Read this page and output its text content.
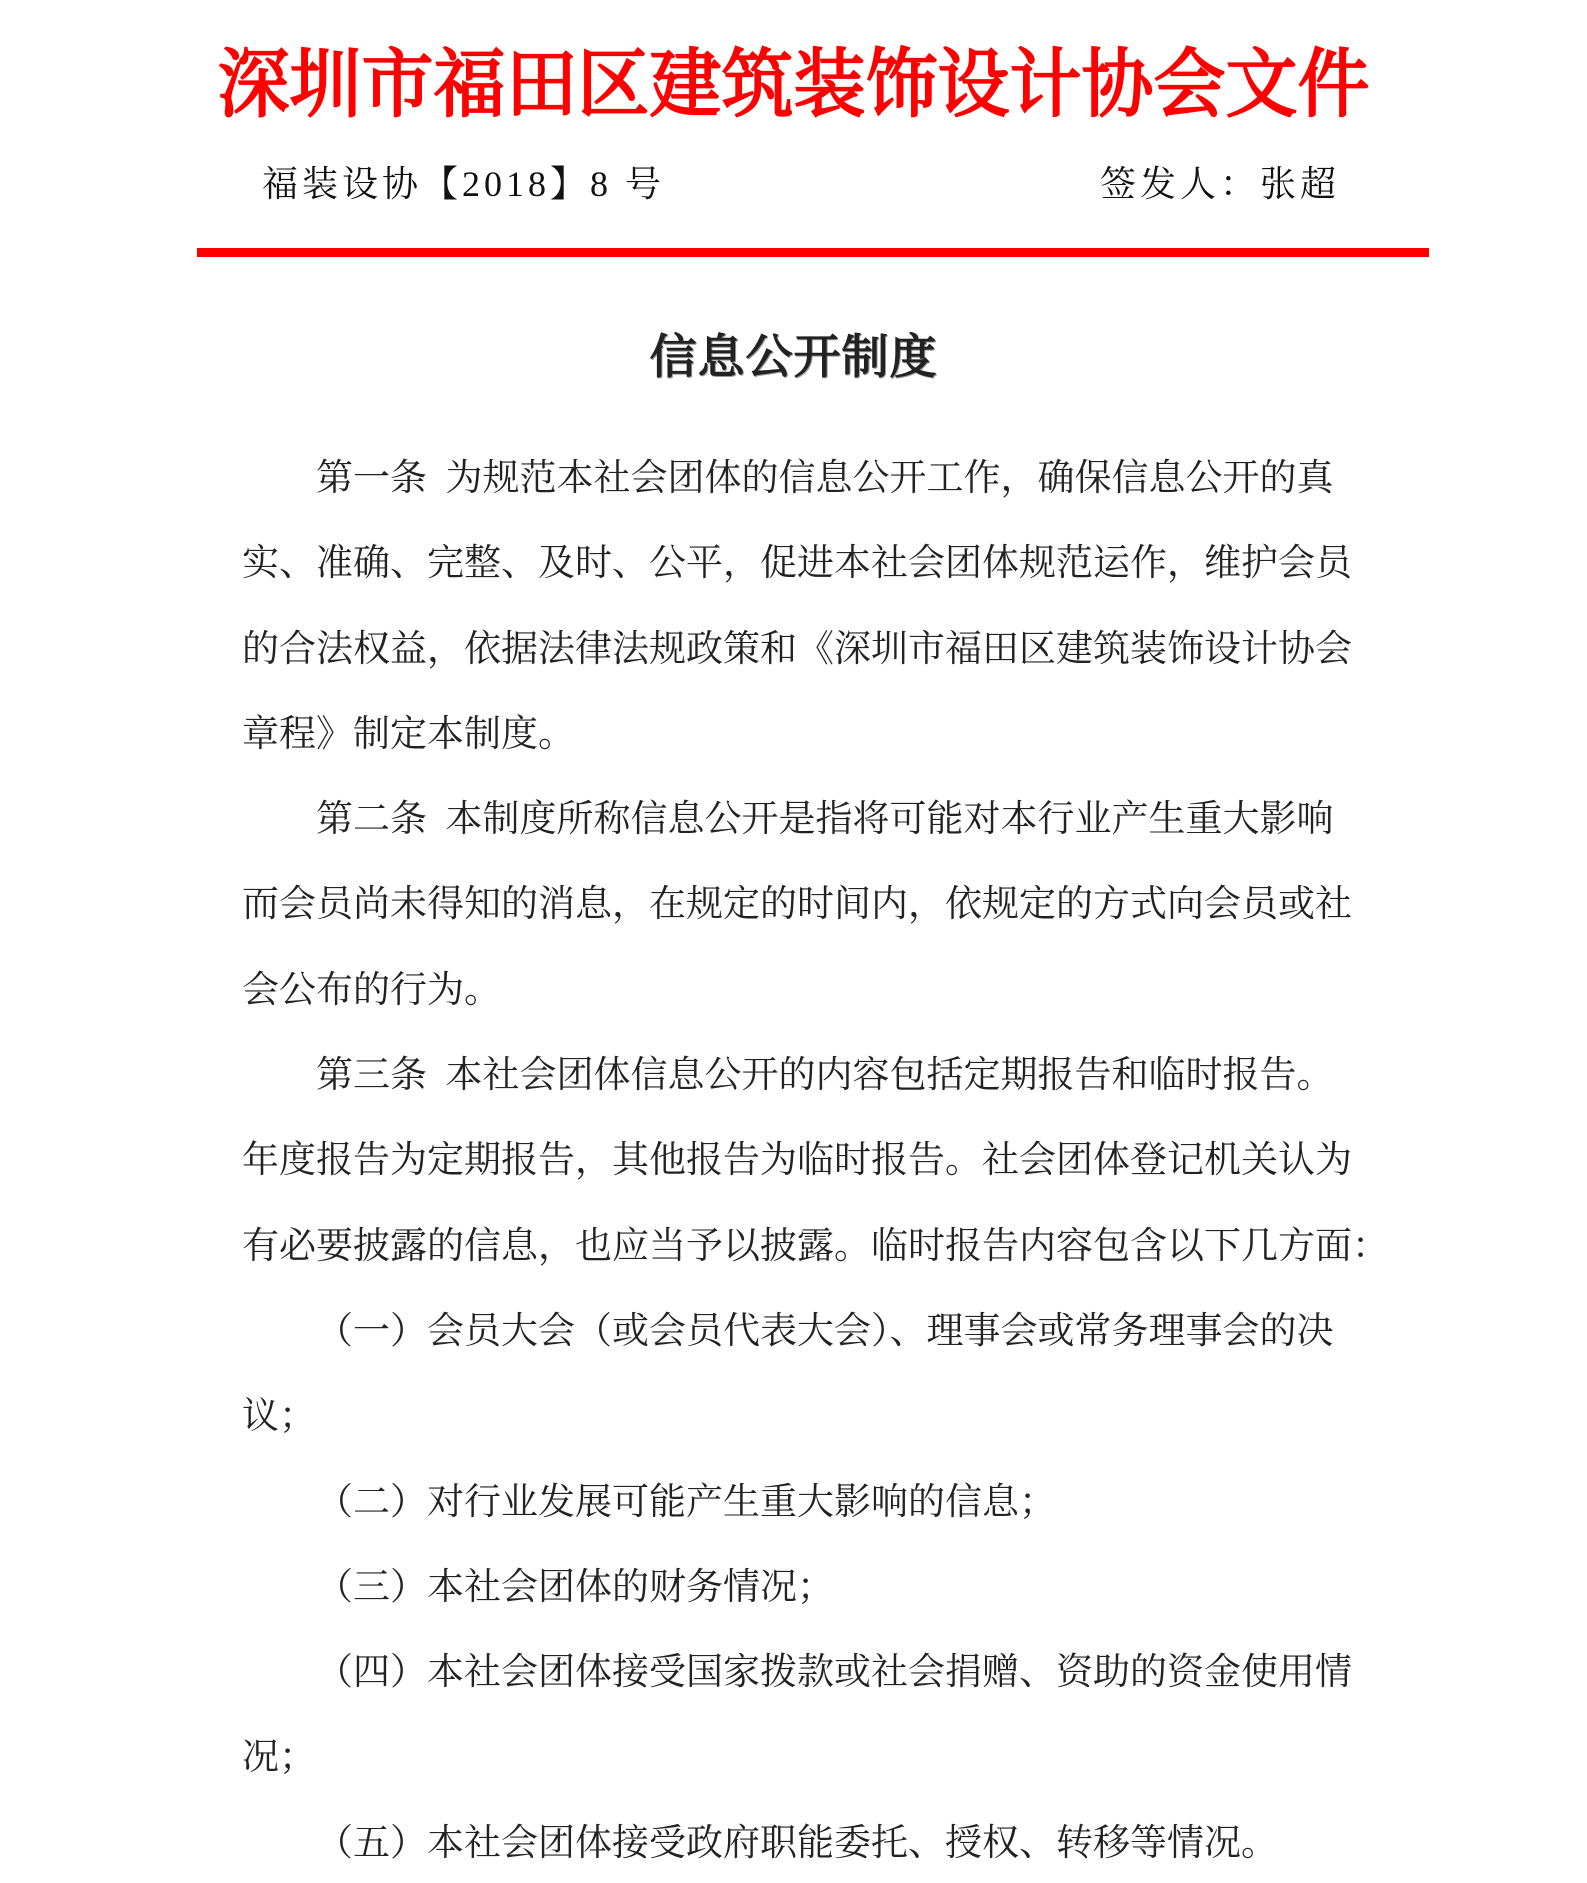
深圳市福田区建筑装饰设计协会文件
福装设协【2018】8 号	签发人：张超
信息公开制度
第一条 为规范本社会团体的信息公开工作，确保信息公开的真
实、准确、完整、及时、公平，促进本社会团体规范运作，维护会员
的合法权益，依据法律法规政策和《深圳市福田区建筑装饰设计协会
章程》制定本制度。
第二条 本制度所称信息公开是指将可能对本行业产生重大影响
而会员尚未得知的消息，在规定的时间内，依规定的方式向会员或社
会公布的行为。
第三条 本社会团体信息公开的内容包括定期报告和临时报告。
年度报告为定期报告，其他报告为临时报告。社会团体登记机关认为
有必要披露的信息，也应当予以披露。临时报告内容包含以下几方面：
（一）会员大会（或会员代表大会）、理事会或常务理事会的决
议；
（二）对行业发展可能产生重大影响的信息；
（三）本社会团体的财务情况；
（四）本社会团体接受国家拨款或社会捐赠、资助的资金使用情
况；
（五）本社会团体接受政府职能委托、授权、转移等情况。
